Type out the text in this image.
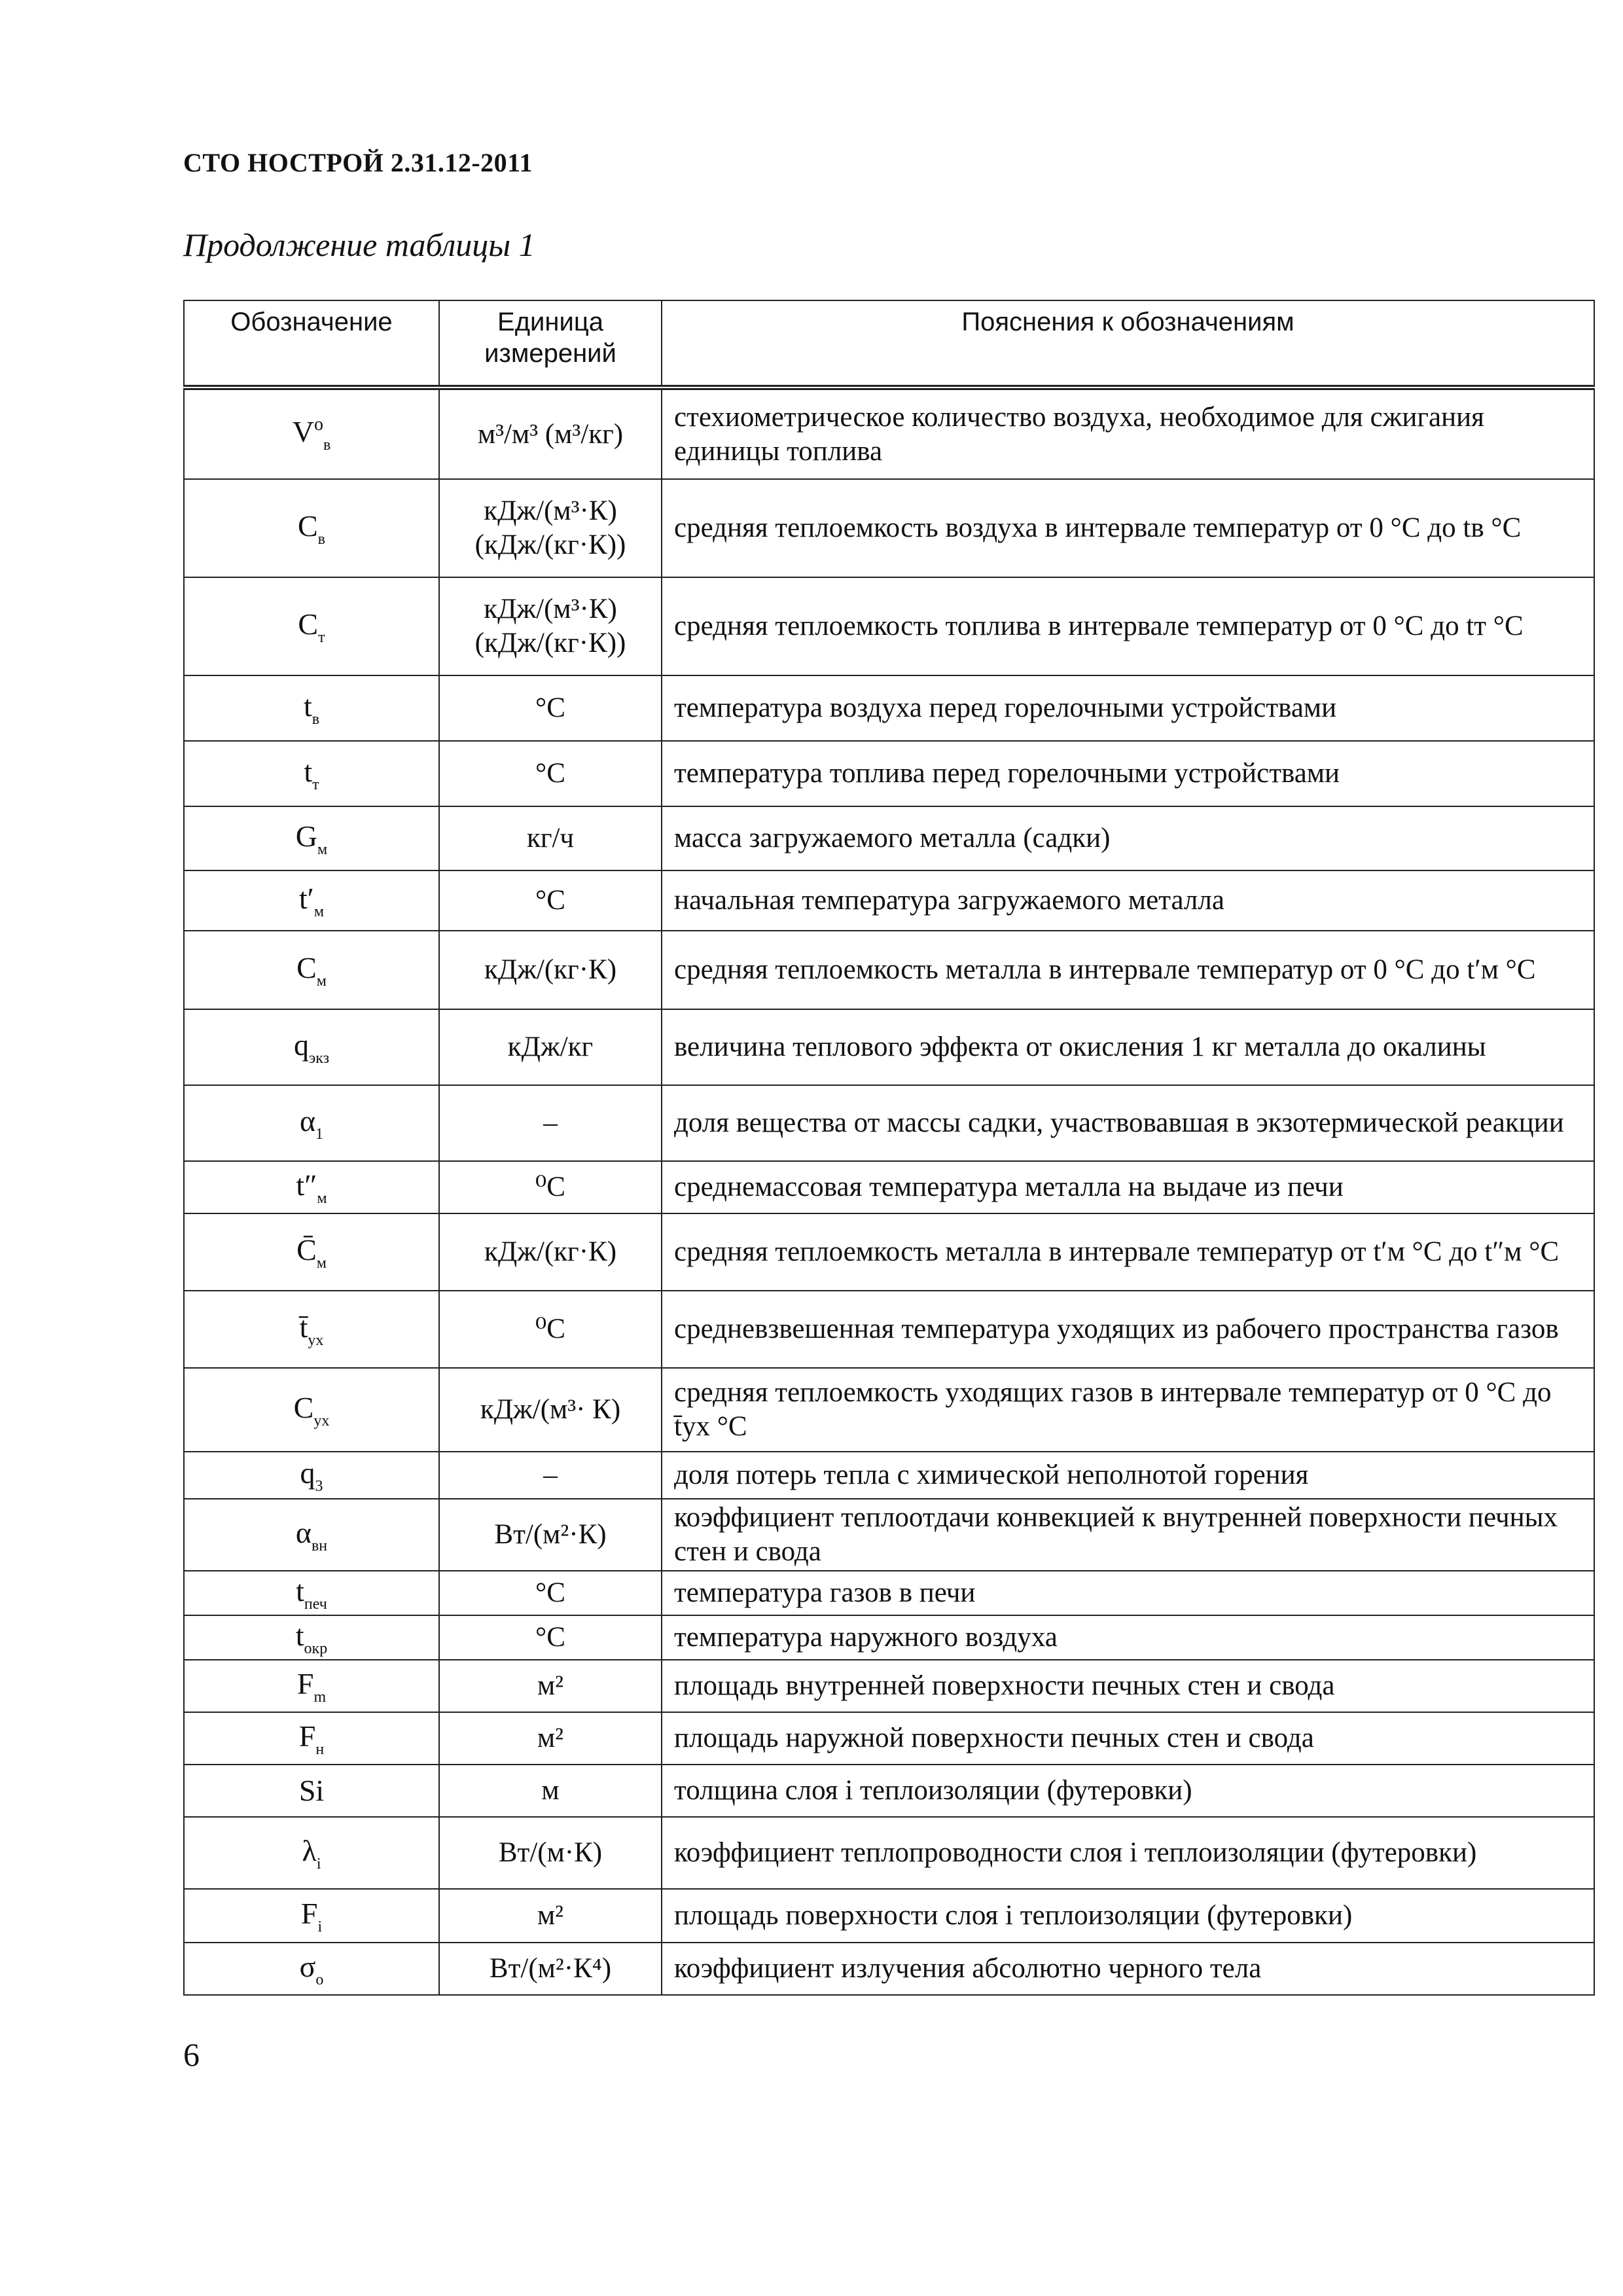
СТО НОСТРОЙ 2.31.12-2011
Продолжение таблицы 1
Обозначение	Единица измерений	Пояснения к обозначениям
$V^o_в$	м³/м³ (м³/кг)	стехиометрическое количество воздуха, необходимое для сжигания единицы топлива
$C_в$	кДж/(м³·К) (кДж/(кг·К))	средняя теплоемкость воздуха в интервале температур от 0 °С до tв °С
$C_т$	кДж/(м³·К) (кДж/(кг·К))	средняя теплоемкость топлива в интервале температур от 0 °С до tт °С
$t_в$	°С	температура воздуха перед горелочными устройствами
$t_т$	°С	температура топлива перед горелочными устройствами
$G_м$	кг/ч	масса загружаемого металла (садки)
$t'_м$	°С	начальная температура загружаемого металла
$C_м$	кДж/(кг·К)	средняя теплоемкость металла в интервале температур от 0 °С до t′м °С
$q_{экз}$	кДж/кг	величина теплового эффекта от окисления 1 кг металла до окалины
$\alpha_1$	–	доля вещества от массы садки, участвовавшая в экзотермической реакции
$t''_м$	⁰С	среднемассовая температура металла на выдаче из печи
$C̄_м$	кДж/(кг·К)	средняя теплоемкость металла в интервале температур от t′м °С до t″м °С
$t̄_{ух}$	⁰С	средневзвешенная температура уходящих из рабочего пространства газов
$C_{ух}$	кДж/(м³· К)	средняя теплоемкость уходящих газов в интервале температур от 0 °С до t̄ух °С
$q_3$	–	доля потерь тепла с химической неполнотой горения
$\alpha_{вн}$	Вт/(м²·К)	коэффициент теплоотдачи конвекцией к внутренней поверхности печных стен и свода
$t_{печ}$	°С	температура газов в печи
$t_{окр}$	°С	температура наружного воздуха
$F_m$	м²	площадь внутренней поверхности печных стен и свода
$F_н$	м²	площадь наружной поверхности печных стен и свода
Si	м	толщина слоя i теплоизоляции (футеровки)
$\lambda_i$	Вт/(м·К)	коэффициент теплопроводности слоя i теплоизоляции (футеровки)
$F_i$	м²	площадь поверхности слоя i теплоизоляции (футеровки)
$\sigma_о$	Вт/(м²·К⁴)	коэффициент излучения абсолютно черного тела
6
